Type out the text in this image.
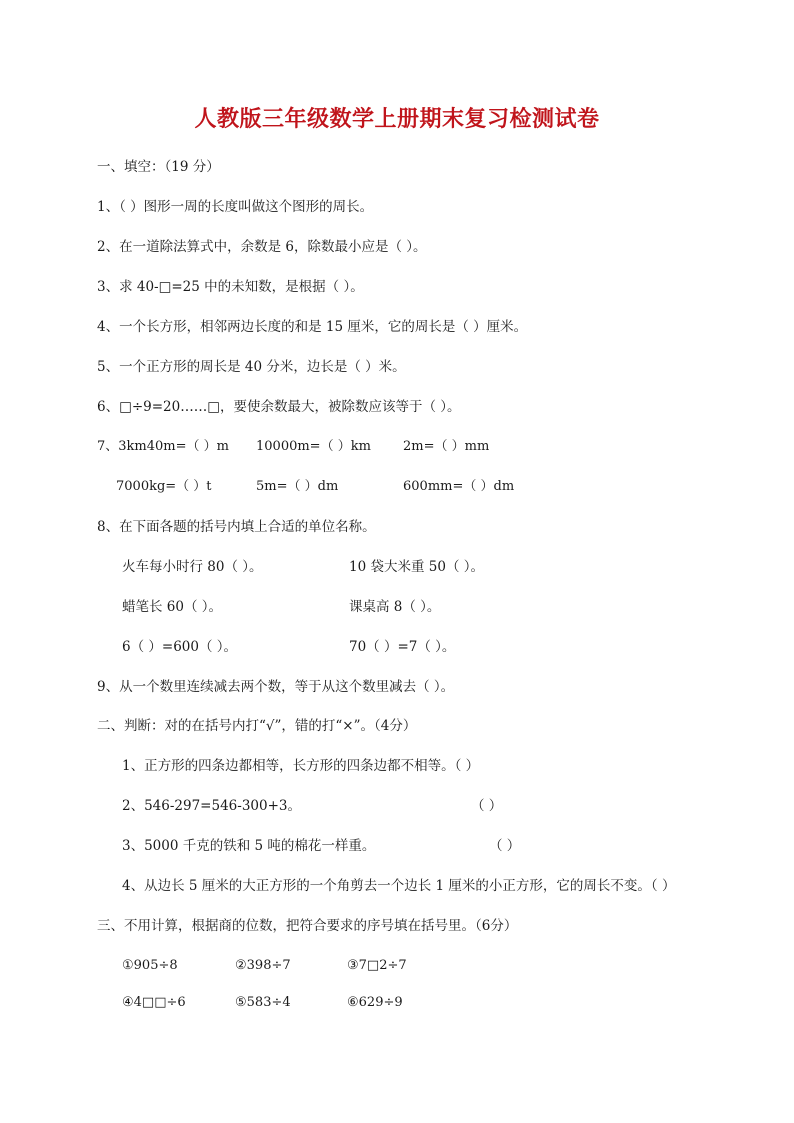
人教版三年级数学上册期末复习检测试卷
一、填空：（19 分）
1、（ ）图形一周的长度叫做这个图形的周长。
2、在一道除法算式中，余数是 6，除数最小应是（ ）。
3、求 40-□=25 中的未知数，是根据（ ）。
4、一个长方形，相邻两边长度的和是 15 厘米，它的周长是（ ）厘米。
5、一个正方形的周长是 40 分米，边长是（ ）米。
6、□÷9=20……□，要使余数最大，被除数应该等于（ ）。
7、3km40m=（ ）m 10000m=（ ）km 2m=（ ）mm
7000kg=（ ）t	5m=（ ）dm	600mm=（ ）dm
8、在下面各题的括号内填上合适的单位名称。
火车每小时行 80（ ）。	10 袋大米重 50（ ）。
蜡笔长 60（ ）。	课桌高 8（ ）。
6（ ）=600（ ）。	70（ ）=7（ ）。
9、从一个数里连续减去两个数，等于从这个数里减去（ ）。
二、判断：对的在括号内打“√”，错的打“×”。（4分）
1、正方形的四条边都相等，长方形的四条边都不相等。（ ）
2、546-297=546-300+3。	（ ）
3、5000 千克的铁和 5 吨的棉花一样重。	（ ）
4、从边长 5 厘米的大正方形的一个角剪去一个边长 1 厘米的小正方形，它的周长不变。（ ）
三、不用计算，根据商的位数，把符合要求的序号填在括号里。（6分）
①905÷8	②398÷7	③7□2÷7
④4□□÷6	⑤583÷4	⑥629÷9
